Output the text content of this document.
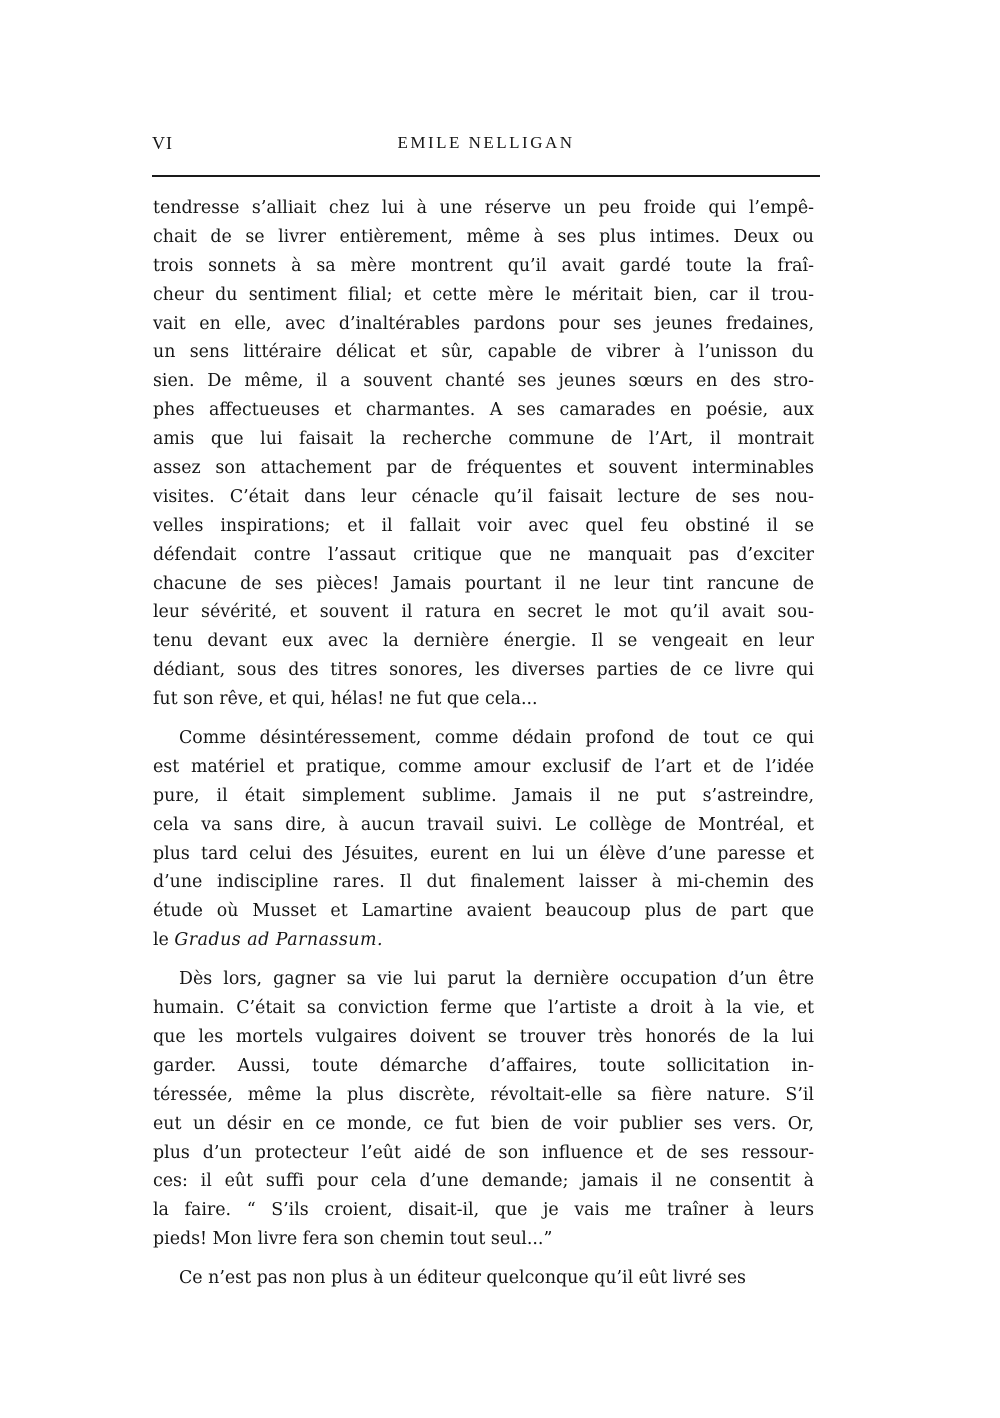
VI	EMILE NELLIGAN
tendresse s’alliait chez lui à une réserve un peu froide qui l’empê-
chait de se livrer entièrement, même à ses plus intimes. Deux ou
trois sonnets à sa mère montrent qu’il avait gardé toute la fraî-
cheur du sentiment filial; et cette mère le méritait bien, car il trou-
vait en elle, avec d’inaltérables pardons pour ses jeunes fredaines,
un sens littéraire délicat et sûr, capable de vibrer à l’unisson du
sien. De même, il a souvent chanté ses jeunes sœurs en des stro-
phes affectueuses et charmantes. A ses camarades en poésie, aux
amis que lui faisait la recherche commune de l’Art, il montrait
assez son attachement par de fréquentes et souvent interminables
visites. C’était dans leur cénacle qu’il faisait lecture de ses nou-
velles inspirations; et il fallait voir avec quel feu obstiné il se
défendait contre l’assaut critique que ne manquait pas d’exciter
chacune de ses pièces! Jamais pourtant il ne leur tint rancune de
leur sévérité, et souvent il ratura en secret le mot qu’il avait sou-
tenu devant eux avec la dernière énergie. Il se vengeait en leur
dédiant, sous des titres sonores, les diverses parties de ce livre qui
fut son rêve, et qui, hélas! ne fut que cela...
Comme désintéressement, comme dédain profond de tout ce qui
est matériel et pratique, comme amour exclusif de l’art et de l’idée
pure, il était simplement sublime. Jamais il ne put s’astreindre,
cela va sans dire, à aucun travail suivi. Le collège de Montréal, et
plus tard celui des Jésuites, eurent en lui un élève d’une paresse et
d’une indiscipline rares. Il dut finalement laisser à mi-chemin des
étude où Musset et Lamartine avaient beaucoup plus de part que
le Gradus ad Parnassum.
Dès lors, gagner sa vie lui parut la dernière occupation d’un être
humain. C’était sa conviction ferme que l’artiste a droit à la vie, et
que les mortels vulgaires doivent se trouver très honorés de la lui
garder. Aussi, toute démarche d’affaires, toute sollicitation in-
téressée, même la plus discrète, révoltait-elle sa fière nature. S’il
eut un désir en ce monde, ce fut bien de voir publier ses vers. Or,
plus d’un protecteur l’eût aidé de son influence et de ses ressour-
ces: il eût suffi pour cela d’une demande; jamais il ne consentit à
la faire. “ S’ils croient, disait-il, que je vais me traîner à leurs
pieds! Mon livre fera son chemin tout seul...”
Ce n’est pas non plus à un éditeur quelconque qu’il eût livré ses
